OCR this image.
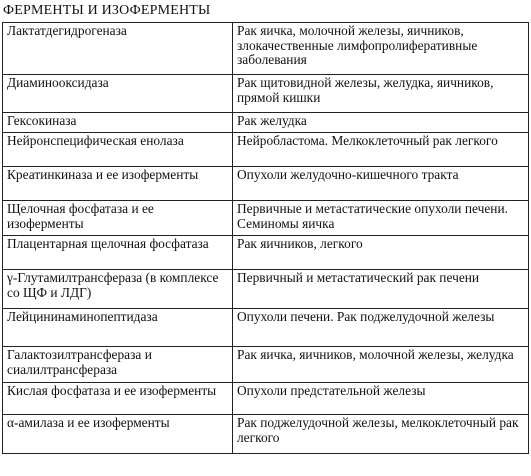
ФЕРМЕНТЫ И ИЗОФЕРМЕНТЫ
Лактатдегидрогеназа	Рак яичка, молочной железы, яичников, злокачественные лимфопролиферативные заболевания
Диаминооксидаза	Рак щитовидной железы, желудка, яичников, прямой кишки
Гексокиназа	Рак желудка
Нейронспецифическая енолаза	Нейробластома. Мелкоклеточный рак легкого
Креатинкиназа и ее изоферменты	Опухоли желудочно-кишечного тракта
Щелочная фосфатаза и ее изоферменты	Первичные и метастатические опухоли печени. Семиномы яичка
Плацентарная щелочная фосфатаза	Рак яичников, легкого
γ-Глутамилтрансфераза (в комплексе со ЩФ и ЛДГ)	Первичный и метастатический рак печени
Лейцининаминопептидаза	Опухоли печени. Рак поджелудочной железы
Галактозилтрансфераза и сиалилтрансфераза	Рак яичка, яичников, молочной железы, желудка
Кислая фосфатаза и ее изоферменты	Опухоли предстательной железы
α-амилаза и ее изоферменты	Рак поджелудочной железы, мелкоклеточный рак легкого
